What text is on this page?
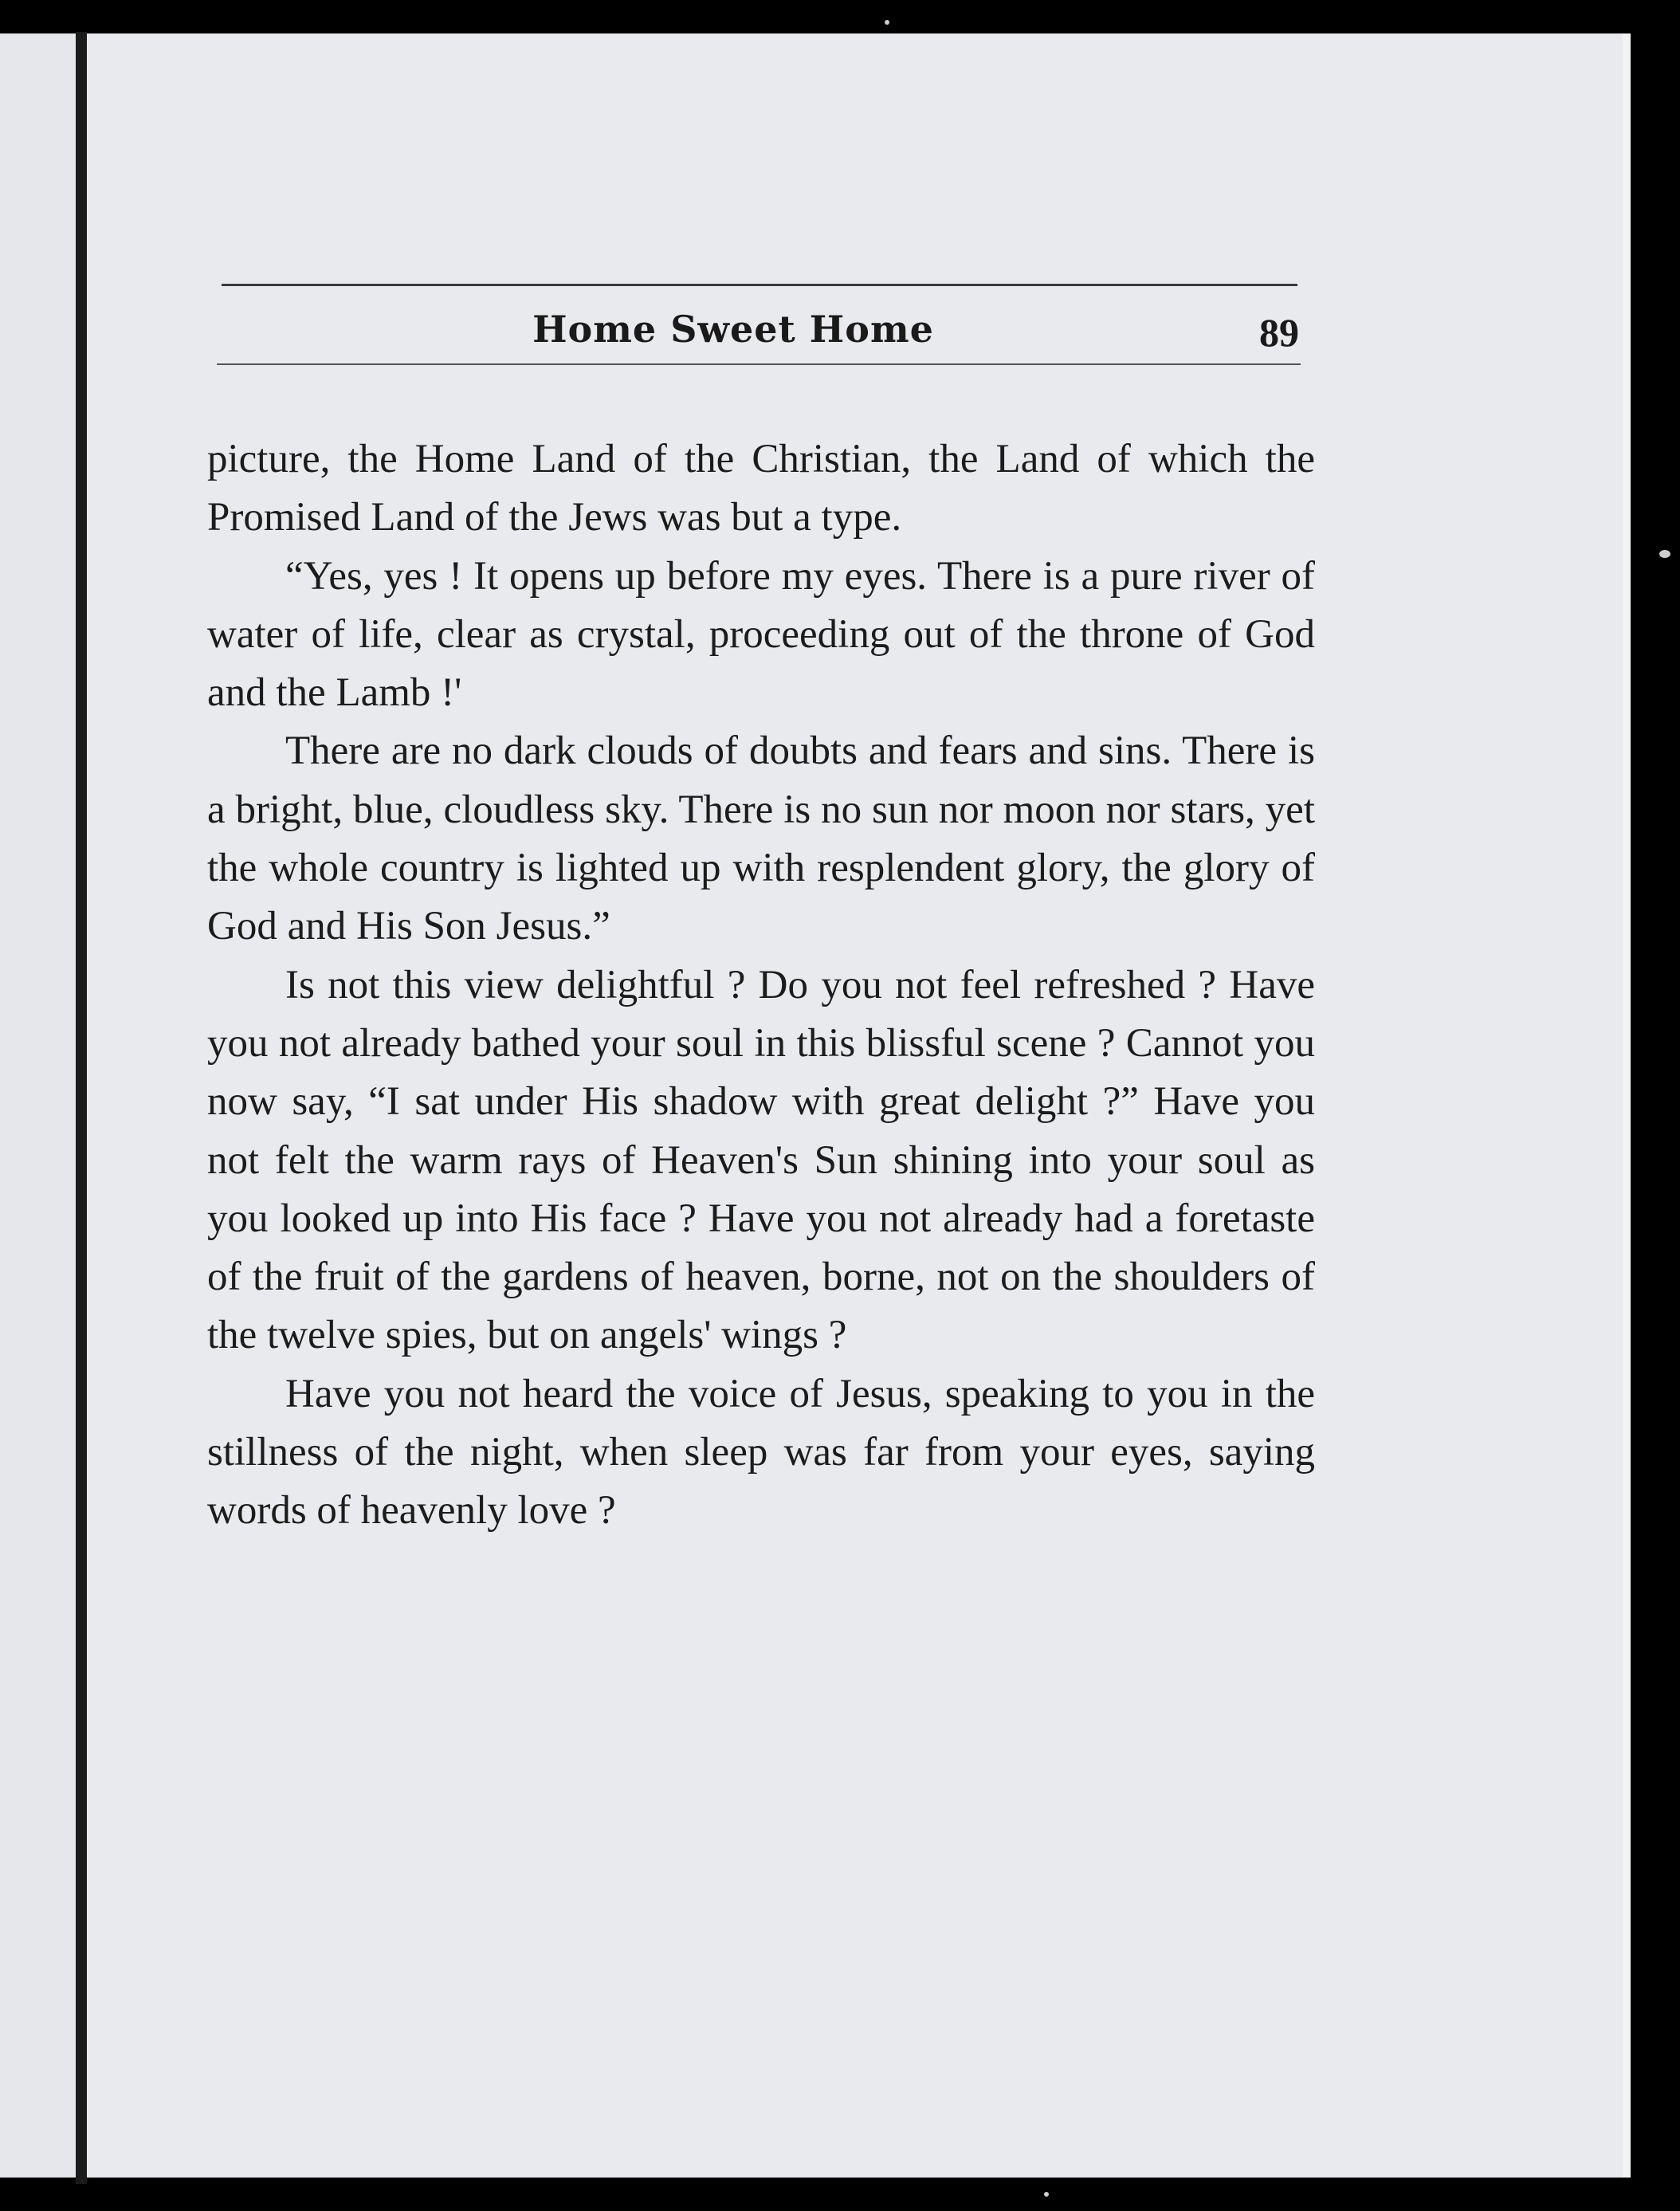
Home Sweet Home	89

picture, the Home Land of the Christian, the Land of which the Promised Land of the Jews was but a type.

“Yes, yes ! It opens up before my eyes. There is a pure river of water of life, clear as crystal, proceeding out of the throne of God and the Lamb !'

There are no dark clouds of doubts and fears and sins. There is a bright, blue, cloudless sky. There is no sun nor moon nor stars, yet the whole country is lighted up with resplendent glory, the glory of God and His Son Jesus.”

Is not this view delightful ? Do you not feel refreshed ? Have you not already bathed your soul in this blissful scene ? Cannot you now say, “I sat under His shadow with great delight ?” Have you not felt the warm rays of Heaven's Sun shining into your soul as you looked up into His face ? Have you not already had a foretaste of the fruit of the gardens of heaven, borne, not on the shoulders of the twelve spies, but on angels' wings ?

Have you not heard the voice of Jesus, speaking to you in the stillness of the night, when sleep was far from your eyes, saying words of heavenly love ?
